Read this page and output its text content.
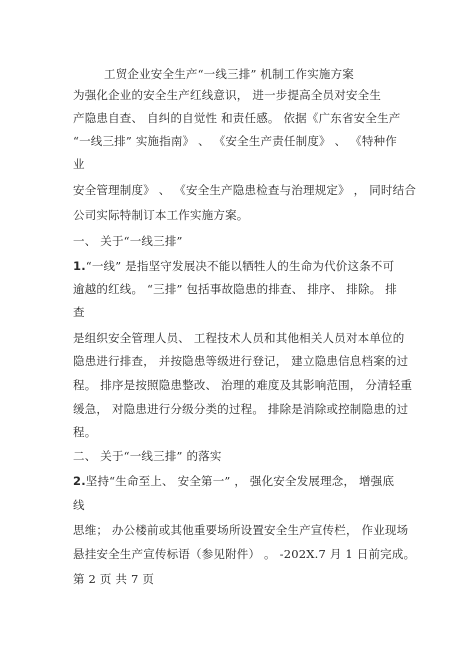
工贸企业安全生产“一线三排” 机制工作实施方案
为强化企业的安全生产红线意识， 进一步提高全员对安全生
产隐患自查、 自纠的自觉性 和责任感。 依据《广东省安全生产
“一线三排” 实施指南》 、 《安全生产责任制度》 、 《特种作
业
安全管理制度》 、 《安全生产隐患检查与治理规定》 ， 同时结合
公司实际特制订本工作实施方案。
一、 关于“一线三排”
1.“一线” 是指坚守发展决不能以牺牲人的生命为代价这条不可
逾越的红线。 “三排” 包括事故隐患的排查、 排序、 排除。 排
查
是组织安全管理人员、 工程技术人员和其他相关人员对本单位的
隐患进行排查， 并按隐患等级进行登记， 建立隐患信息档案的过
程。 排序是按照隐患整改、 治理的难度及其影响范围， 分清轻重
缓急， 对隐患进行分级分类的过程。 排除是消除或控制隐患的过
程。
二、 关于“一线三排” 的落实
2.坚持“生命至上、 安全第一” ， 强化安全发展理念， 增强底
线
思维； 办公楼前或其他重要场所设置安全生产宣传栏， 作业现场
悬挂安全生产宣传标语（参见附件） 。 -202X.7 月 1 日前完成。
第 2 页 共 7 页
